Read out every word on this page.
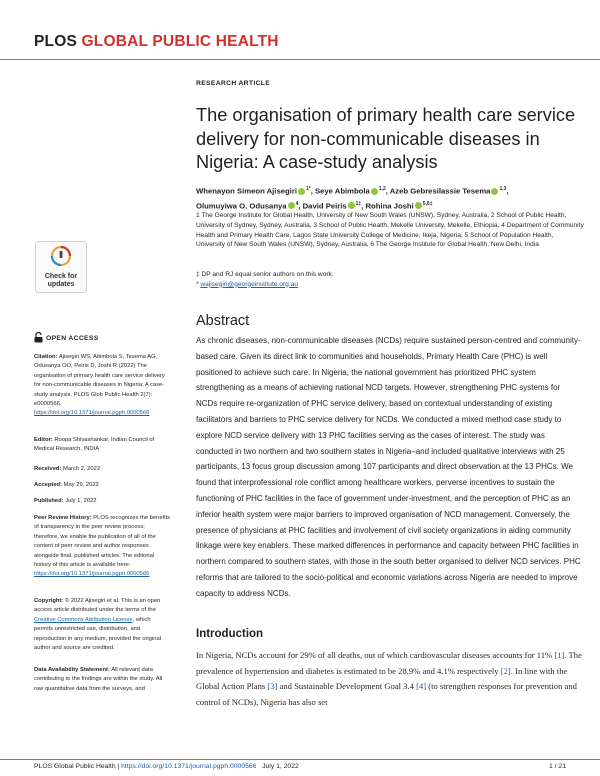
PLOS GLOBAL PUBLIC HEALTH
Check for updates
OPEN ACCESS
Citation: Ajisegiri WS, Abimbola S, Tesema AG, Odusanya OO, Peiris D, Joshi R (2022) The organisation of primary health care service delivery for non-communicable diseases in Nigeria: A case-study analysis. PLOS Glob Public Health 2(7): e0000566. https://doi.org/10.1371/journal.pgph.0000566
Editor: Roopa Shivashankar, Indian Council of Medical Research, INDIA
Received: March 2, 2022
Accepted: May 29, 2022
Published: July 1, 2022
Peer Review History: PLOS recognizes the benefits of transparency in the peer review process; therefore, we enable the publication of all of the content of peer review and author responses alongside final, published articles. The editorial history of this article is available here: https://doi.org/10.1371/journal.pgph.0000566
Copyright: © 2022 Ajisegiri et al. This is an open access article distributed under the terms of the Creative Commons Attribution License, which permits unrestricted use, distribution, and reproduction in any medium, provided the original author and source are credited.
Data Availability Statement: All relevant data contributing to the findings are within the study. All raw quantitative data from the surveys, and
RESEARCH ARTICLE
The organisation of primary health care service delivery for non-communicable diseases in Nigeria: A case-study analysis
Whenayon Simeon Ajisegiri $^{1*}$, Seye Abimbola $^{1,2}$, Azeb Gebresilassie Tesema $^{1,3}$,
Olumuyiwa O. Odusanya $^4$, David Peiris $^{1\ddagger}$, Rohina Joshi $^{5,6\ddagger}$
1 The George Institute for Global Health, University of New South Wales (UNSW), Sydney, Australia, 2 School of Public Health, University of Sydney, Sydney, Australia, 3 School of Public Health, Mekelle University, Mekelle, Ethiopia, 4 Department of Community Health and Primary Health Care, Lagos State University College of Medicine, Ikeja, Nigeria, 5 School of Population Health, University of New South Wales (UNSW), Sydney, Australia, 6 The George Institute for Global Health, New Delhi, India
‡ DP and RJ equal senior authors on this work.
* wajisegiri@georgeinstitute.org.au
Abstract
As chronic diseases, non-communicable diseases (NCDs) require sustained person-centred and community-based care. Given its direct link to communities and households, Primary Health Care (PHC) is well positioned to achieve such care. In Nigeria, the national government has prioritized PHC system strengthening as a means of achieving national NCD targets. However, strengthening PHC systems for NCDs require re-organization of PHC service delivery, based on contextual understanding of existing facilitators and barriers to PHC service delivery for NCDs. We conducted a mixed method case study to explore NCD service delivery with 13 PHC facilities serving as the cases of interest. The study was conducted in two northern and two southern states in Nigeria–and included qualitative interviews with 25 participants, 13 focus group discussion among 107 participants and direct observation at the 13 PHCs. We found that interprofessional role conflict among healthcare workers, perverse incentives to sustain the functioning of PHC facilities in the face of government under-investment, and the perception of PHC as an inferior health system were major barriers to improved organisation of NCD management. Conversely, the presence of physicians at PHC facilities and involvement of civil society organizations in aiding community linkage were key enablers. These marked differences in performance and capacity between PHC facilities in northern compared to southern states, with those in the south better organised to deliver NCD services. PHC reforms that are tailored to the socio-political and economic variations across Nigeria are needed to improve capacity to address NCDs.
Introduction
In Nigeria, NCDs account for 29% of all deaths, out of which cardiovascular diseases accounts for 11% [1]. The prevalence of hypertension and diabetes is estimated to be 28.9% and 4.1% respectively [2]. In line with the Global Action Plans [3] and Sustainable Development Goal 3.4 [4] (to strengthen responses for prevention and control of NCDs), Nigeria has also set
PLOS Global Public Health | https://doi.org/10.1371/journal.pgph.0000566 July 1, 2022	1 / 21
